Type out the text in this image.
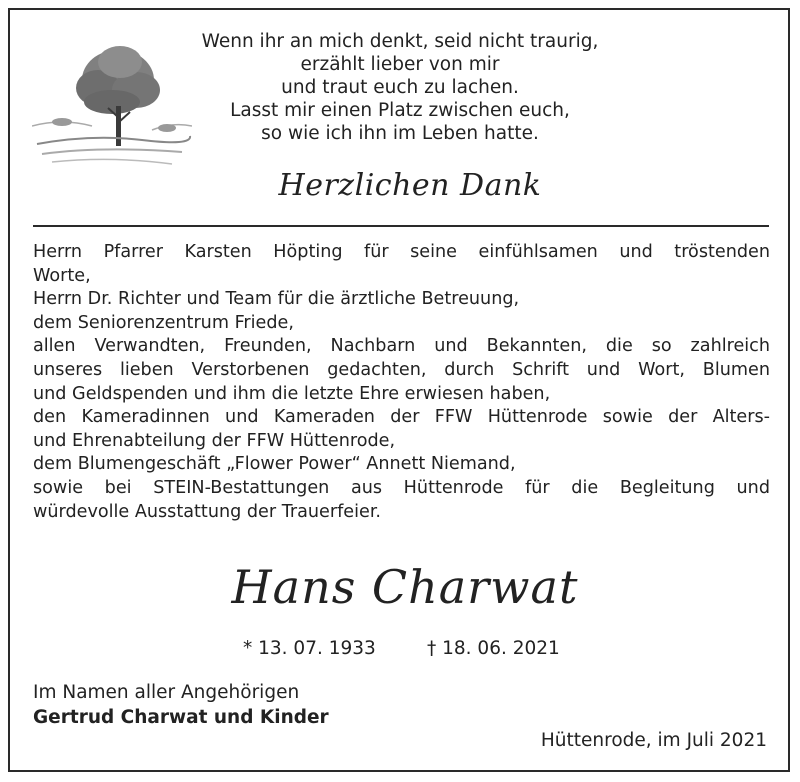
Wenn ihr an mich denkt, seid nicht traurig,
erzählt lieber von mir
und traut euch zu lachen.
Lasst mir einen Platz zwischen euch,
so wie ich ihn im Leben hatte.
Herzlichen Dank
Herrn Pfarrer Karsten Höpting für seine einfühlsamen und tröstenden
Worte,
Herrn Dr. Richter und Team für die ärztliche Betreuung,
dem Seniorenzentrum Friede,
allen Verwandten, Freunden, Nachbarn und Bekannten, die so zahlreich
unseres lieben Verstorbenen gedachten, durch Schrift und Wort, Blumen
und Geldspenden und ihm die letzte Ehre erwiesen haben,
den Kameradinnen und Kameraden der FFW Hüttenrode sowie der Alters-
und Ehrenabteilung der FFW Hüttenrode,
dem Blumengeschäft „Flower Power“ Annett Niemand,
sowie bei STEIN-Bestattungen aus Hüttenrode für die Begleitung und
würdevolle Ausstattung der Trauerfeier.
Hans Charwat
* 13. 07. 1933	† 18. 06. 2021
Im Namen aller Angehörigen
Gertrud Charwat und Kinder
Hüttenrode, im Juli 2021
